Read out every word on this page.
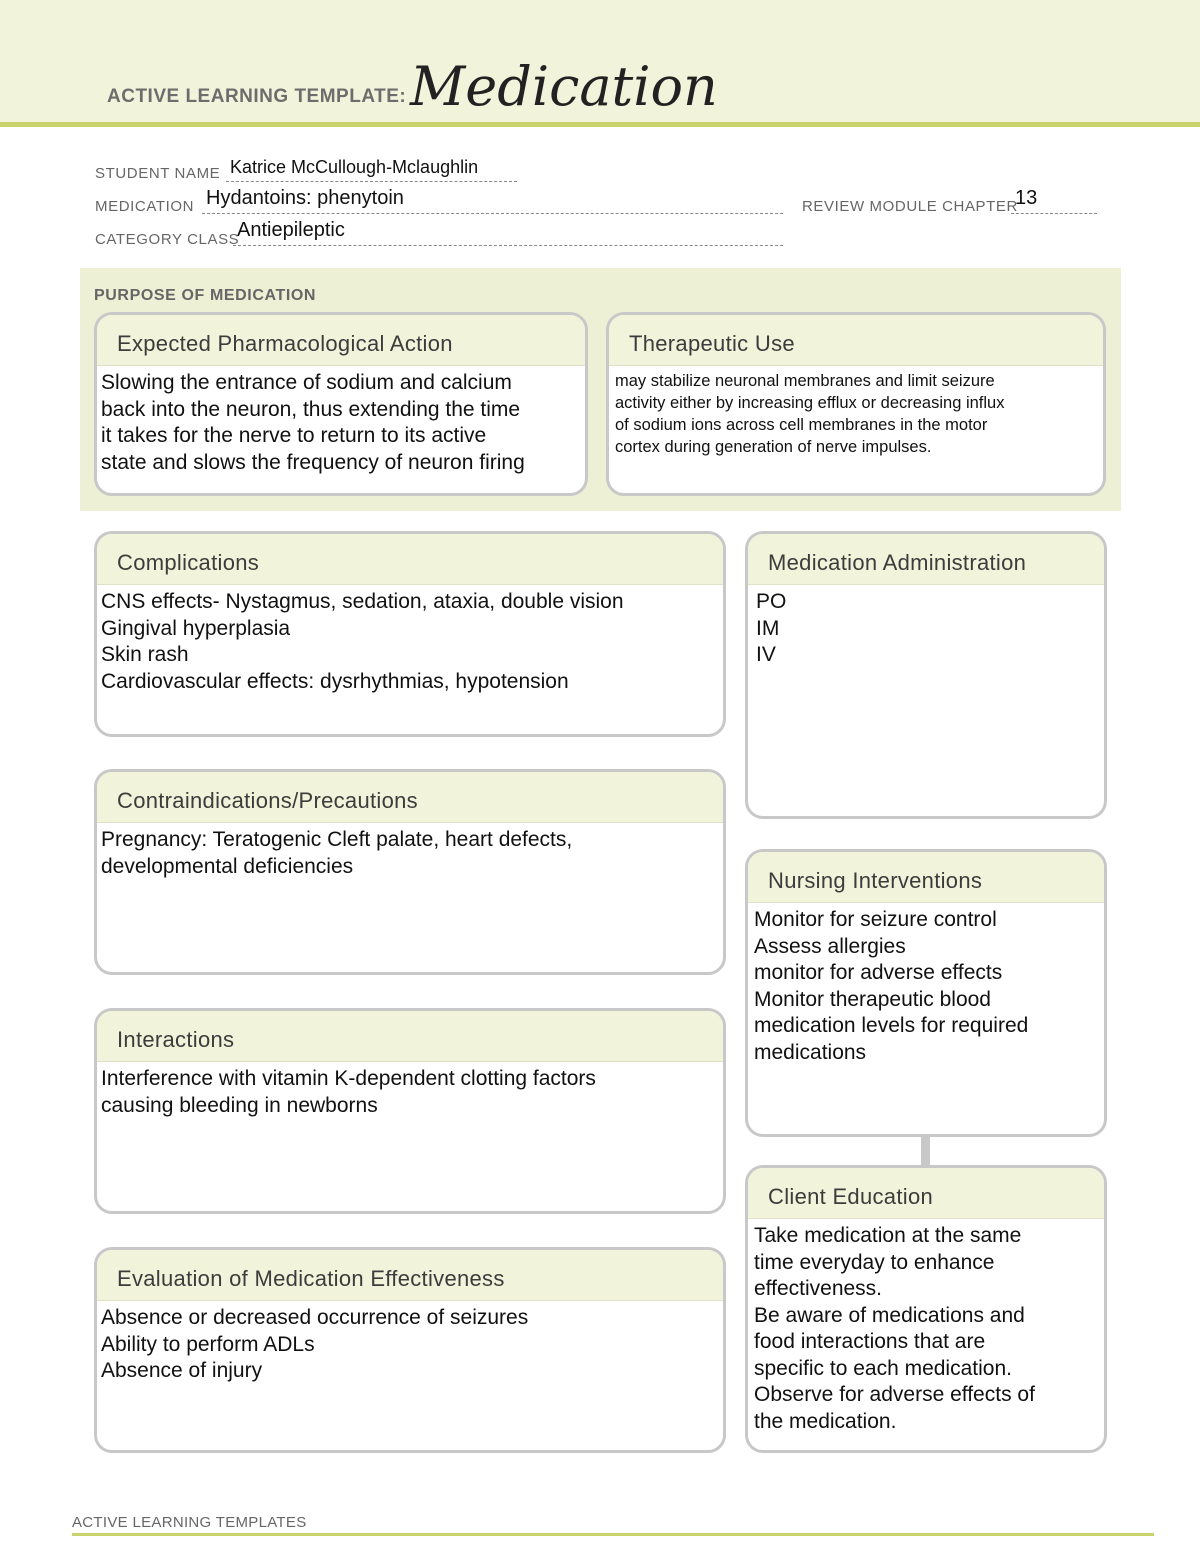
ACTIVE LEARNING TEMPLATE: Medication
STUDENT NAME Katrice McCullough-Mclaughlin
MEDICATION Hydantoins: phenytoin	REVIEW MODULE CHAPTER
13
CATEGORY CLASS
Antiepileptic
PURPOSE OF MEDICATION
Expected Pharmacological Action
Slowing the entrance of sodium and calcium
back into the neuron, thus extending the time
it takes for the nerve to return to its active
state and slows the frequency of neuron firing
Therapeutic Use
may stabilize neuronal membranes and limit seizure
activity either by increasing efflux or decreasing influx
of sodium ions across cell membranes in the motor
cortex during generation of nerve impulses.
Complications
CNS effects- Nystagmus, sedation, ataxia, double vision
Gingival hyperplasia
Skin rash
Cardiovascular effects: dysrhythmias, hypotension
Contraindications/Precautions
Pregnancy: Teratogenic Cleft palate, heart defects,
developmental deficiencies
Interactions
Interference with vitamin K-dependent clotting factors
causing bleeding in newborns
Evaluation of Medication Effectiveness
Absence or decreased occurrence of seizures
Ability to perform ADLs
Absence of injury
Medication Administration
PO
IM
IV
Nursing Interventions
Monitor for seizure control
Assess allergies
monitor for adverse effects
Monitor therapeutic blood
medication levels for required
medications
Client Education
Take medication at the same
time everyday to enhance
effectiveness.
Be aware of medications and
food interactions that are
specific to each medication.
Observe for adverse effects of
the medication.
ACTIVE LEARNING TEMPLATES
